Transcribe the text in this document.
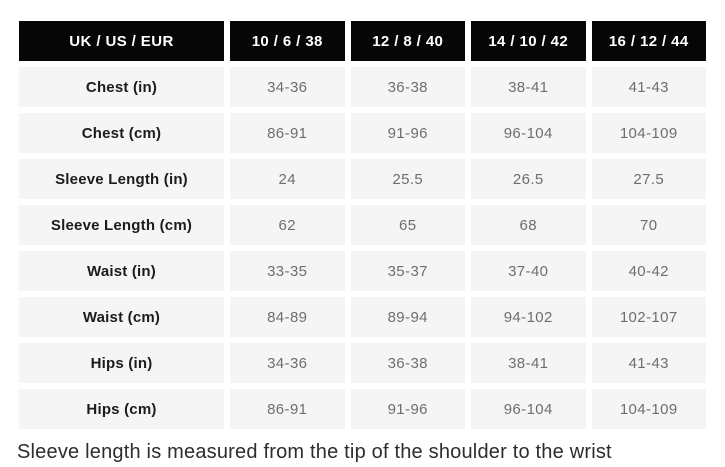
UK / US / EUR	10 / 6 / 38	12 / 8 / 40	14 / 10 / 42	16 / 12 / 44
Chest (in)	34-36	36-38	38-41	41-43
Chest (cm)	86-91	91-96	96-104	104-109
Sleeve Length (in)	24	25.5	26.5	27.5
Sleeve Length (cm)	62	65	68	70
Waist (in)	33-35	35-37	37-40	40-42
Waist (cm)	84-89	89-94	94-102	102-107
Hips (in)	34-36	36-38	38-41	41-43
Hips (cm)	86-91	91-96	96-104	104-109

Sleeve length is measured from the tip of the shoulder to the wrist
